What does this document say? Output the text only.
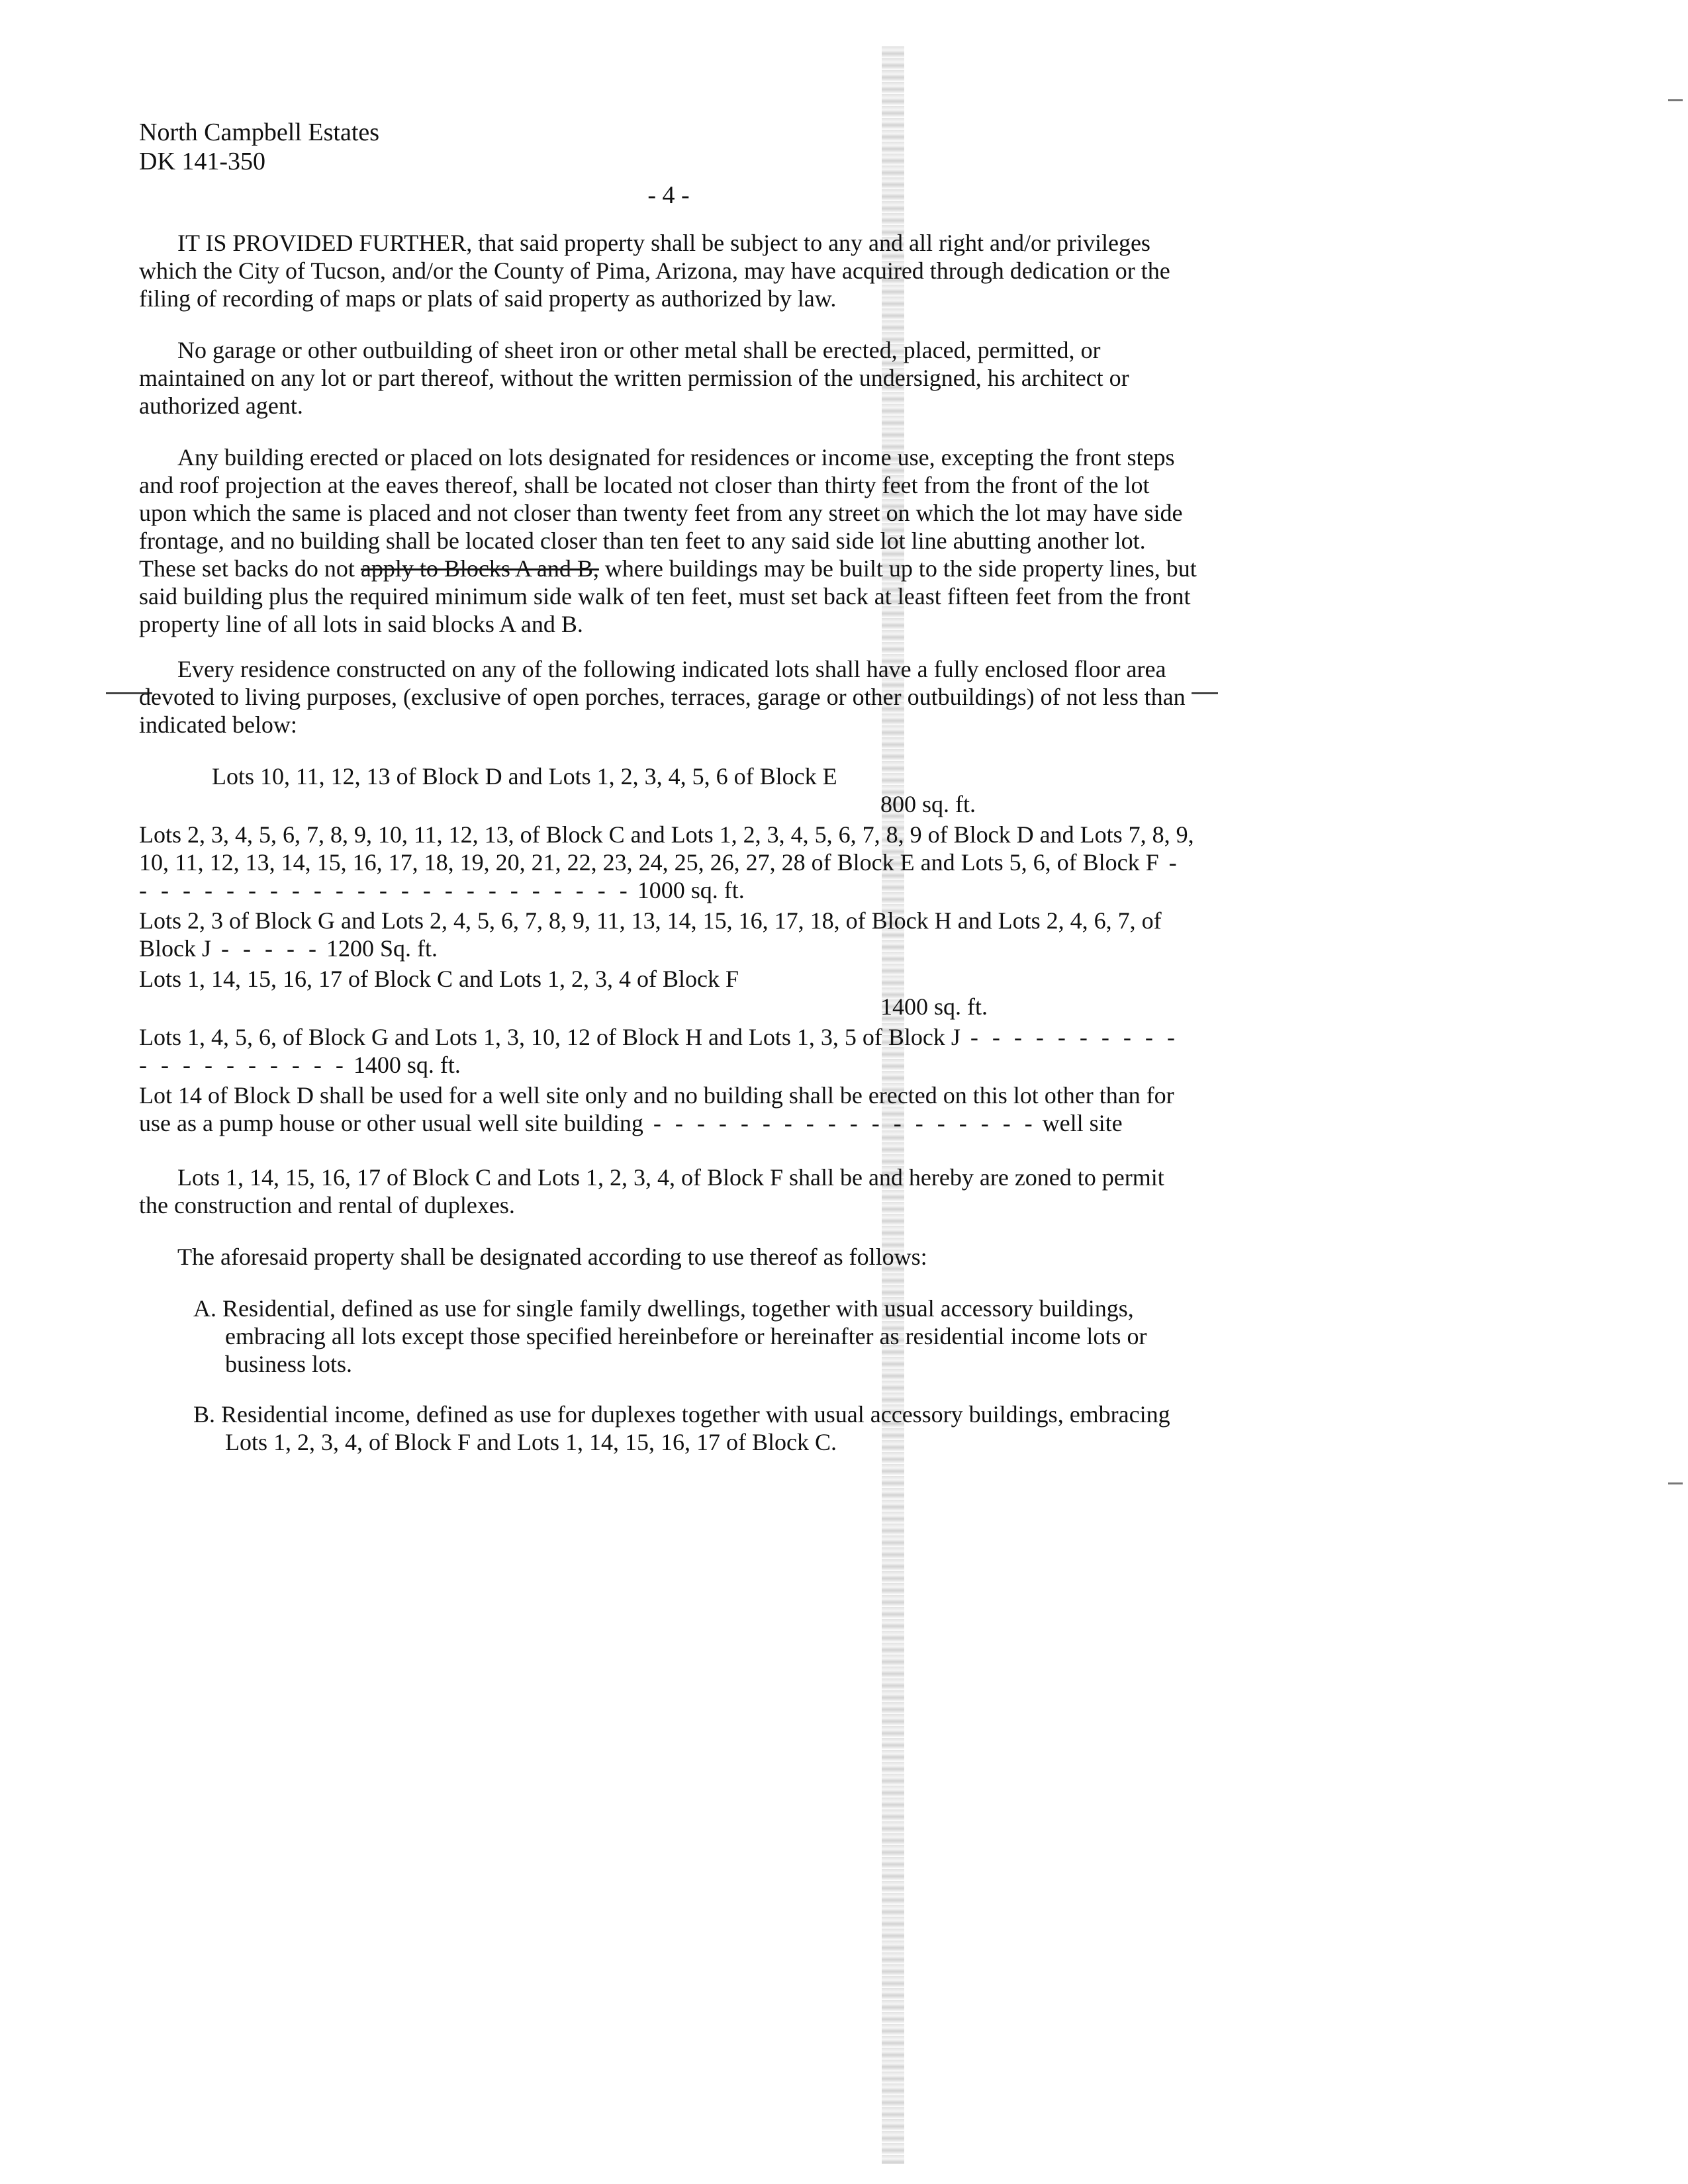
North Campbell Estates

DK 141-350

- 4 -

IT IS PROVIDED FURTHER, that said property shall be subject to any and all right and/or privileges which the City of Tucson, and/or the County of Pima, Arizona, may have acquired through dedication or the filing of recording of maps or plats of said property as authorized by law.

No garage or other outbuilding of sheet iron or other metal shall be erected, placed, permitted, or maintained on any lot or part thereof, without the written permission of the undersigned, his architect or authorized agent.

Any building erected or placed on lots designated for residences or income use, excepting the front steps and roof projection at the eaves thereof, shall be located not closer than thirty feet from the front of the lot upon which the same is placed and not closer than twenty feet from any street on which the lot may have side frontage, and no building shall be located closer than ten feet to any said side lot line abutting another lot. These set backs do not apply to Blocks A and B, where buildings may be built up to the side property lines, but said building plus the required minimum side walk of ten feet, must set back at least fifteen feet from the front property line of all lots in said blocks A and B.

Every residence constructed on any of the following indicated lots shall have a fully enclosed floor area devoted to living purposes, (exclusive of open porches, terraces, garage or other outbuildings) of not less than indicated below:

Lots 10, 11, 12, 13 of Block D and Lots 1, 2, 3, 4, 5, 6 of Block E
800 sq. ft.
Lots 2, 3, 4, 5, 6, 7, 8, 9, 10, 11, 12, 13, of Block C and Lots 1, 2, 3, 4, 5, 6, 7, 8, 9 of Block D and Lots 7, 8, 9, 10, 11, 12, 13, 14, 15, 16, 17, 18, 19, 20, 21, 22, 23, 24, 25, 26, 27, 28 of Block E and Lots 5, 6, of Block F - - - - - - - - - - - - - - - - - - - - - - - - 1000 sq. ft.
Lots 2, 3 of Block G and Lots 2, 4, 5, 6, 7, 8, 9, 11, 13, 14, 15, 16, 17, 18, of Block H and Lots 2, 4, 6, 7, of Block J - - - - - 1200 Sq. ft.
Lots 1, 14, 15, 16, 17 of Block C and Lots 1, 2, 3, 4 of Block F
1400 sq. ft.
Lots 1, 4, 5, 6, of Block G and Lots 1, 3, 10, 12 of Block H and Lots 1, 3, 5 of Block J - - - - - - - - - - - - - - - - - - - - 1400 sq. ft.
Lot 14 of Block D shall be used for a well site only and no building shall be erected on this lot other than for use as a pump house or other usual well site building - - - - - - - - - - - - - - - - - - well site

Lots 1, 14, 15, 16, 17 of Block C and Lots 1, 2, 3, 4, of Block F shall be and hereby are zoned to permit the construction and rental of duplexes.

The aforesaid property shall be designated according to use thereof as follows:

A. Residential, defined as use for single family dwellings, together with usual accessory buildings, embracing all lots except those specified hereinbefore or hereinafter as residential income lots or business lots.

B. Residential income, defined as use for duplexes together with usual accessory buildings, embracing Lots 1, 2, 3, 4, of Block F and Lots 1, 14, 15, 16, 17 of Block C.
